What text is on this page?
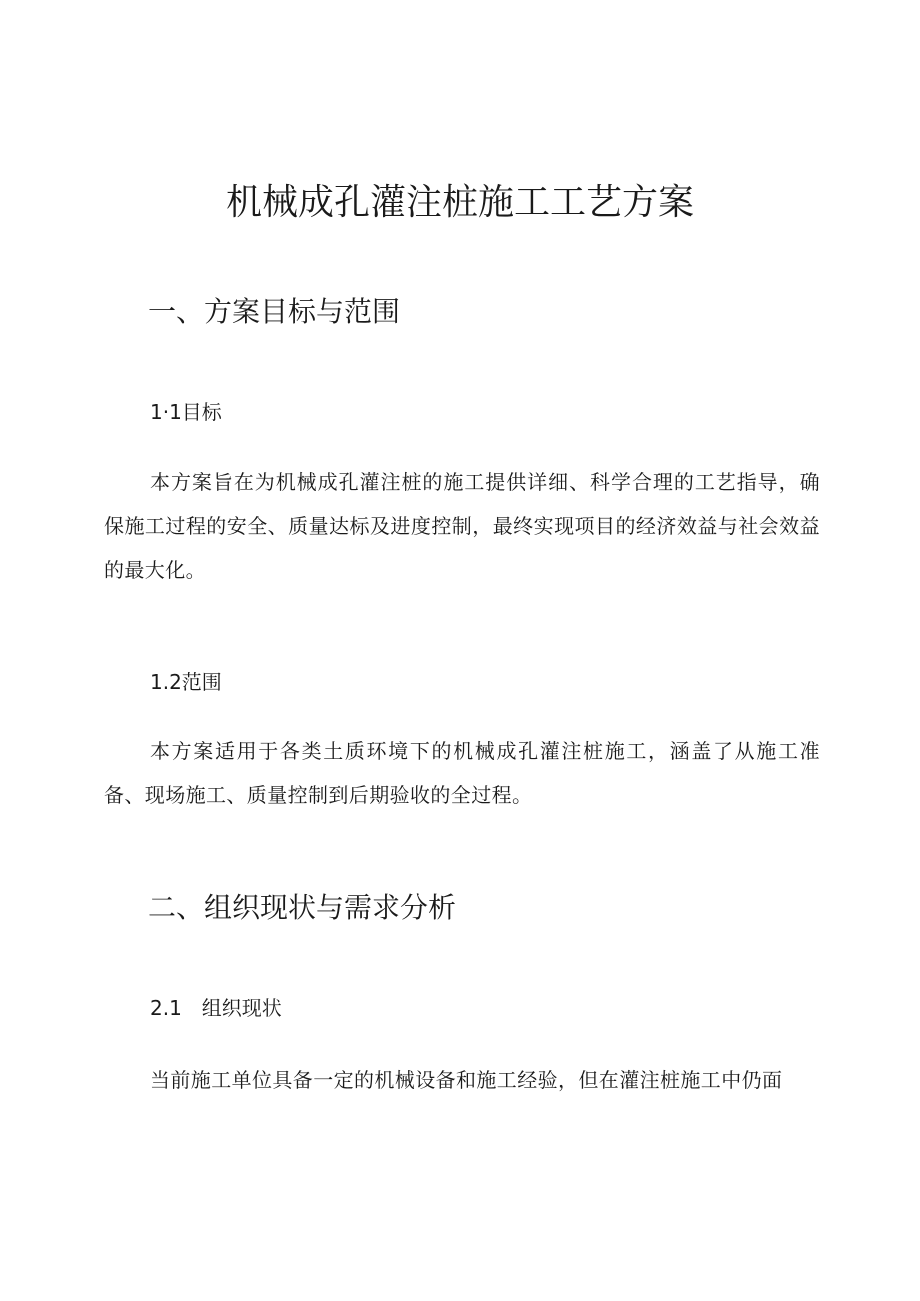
机械成孔灌注桩施工工艺方案
一、方案目标与范围
1·1目标

本方案旨在为机械成孔灌注桩的施工提供详细、科学合理的工艺指导，确保施工过程的安全、质量达标及进度控制，最终实现项目的经济效益与社会效益的最大化。

1.2范围

本方案适用于各类土质环境下的机械成孔灌注桩施工，涵盖了从施工准备、现场施工、质量控制到后期验收的全过程。

二、组织现状与需求分析
2.1　组织现状

当前施工单位具备一定的机械设备和施工经验，但在灌注桩施工中仍面
